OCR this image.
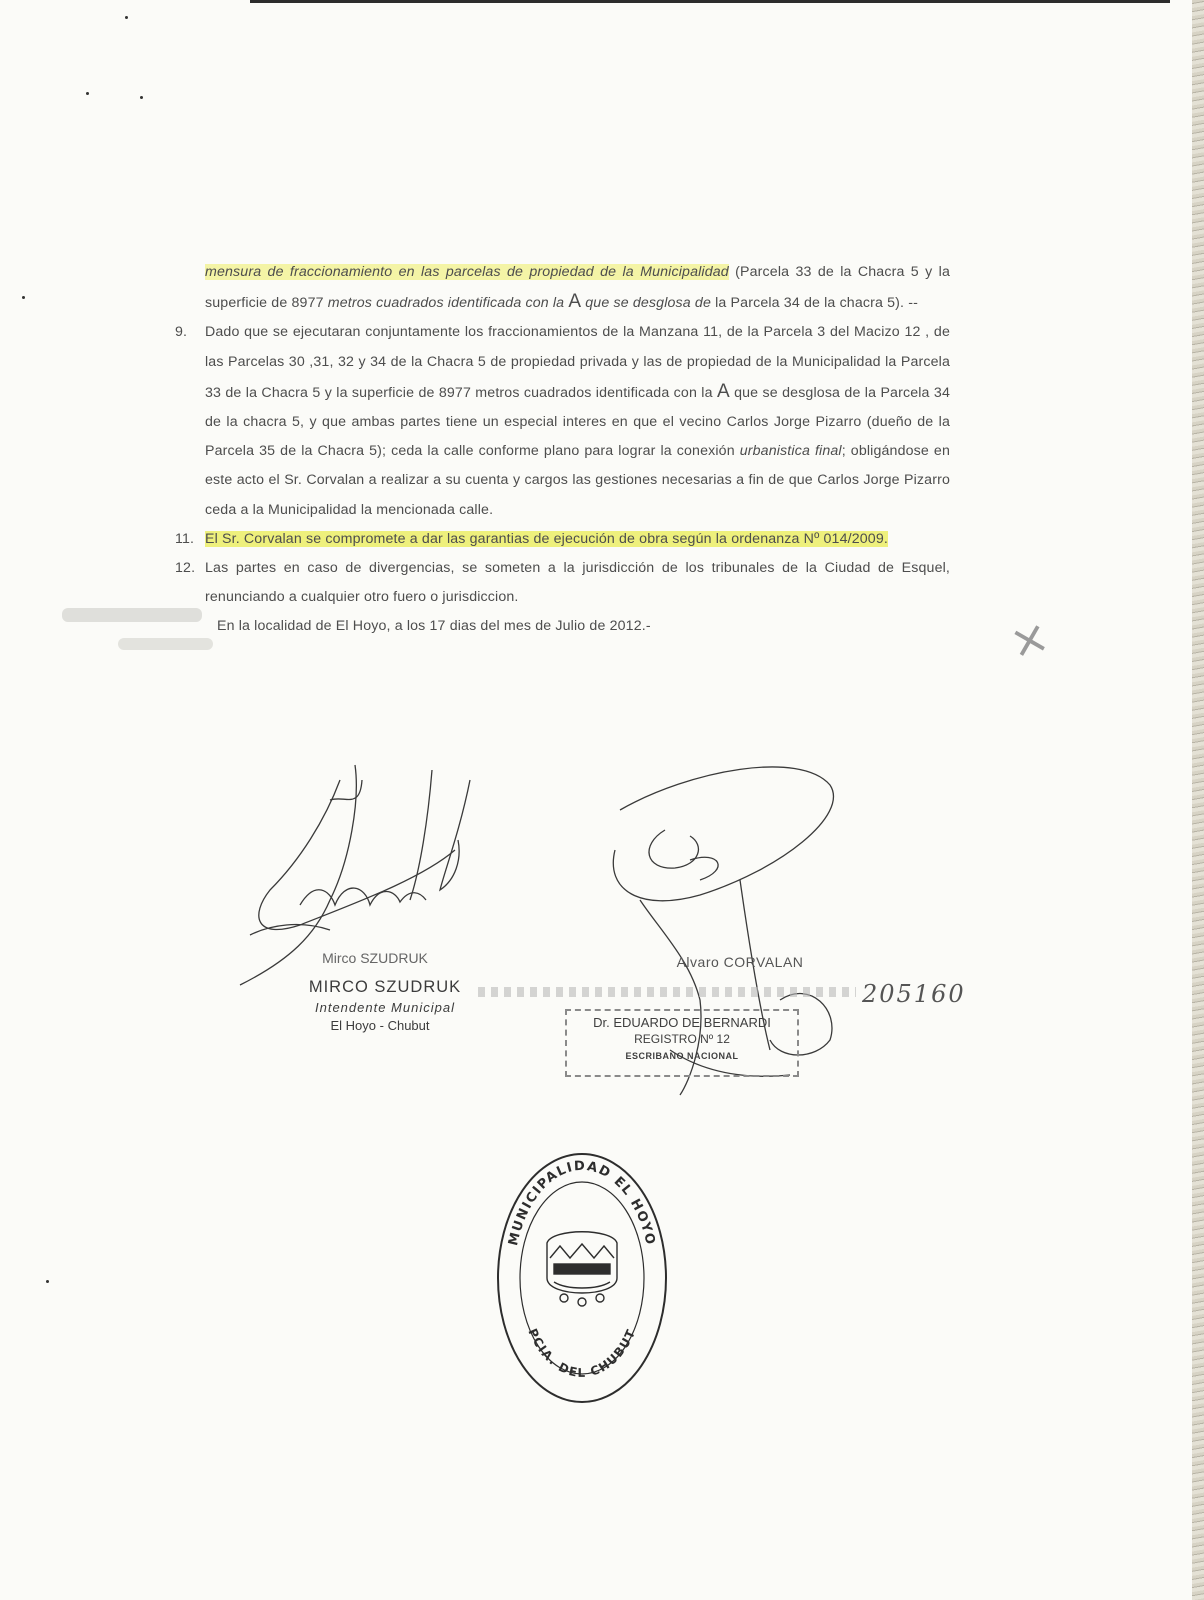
mensura de fraccionamiento en las parcelas de propiedad de la Municipalidad (Parcela 33 de la Chacra 5 y la superficie de 8977 metros cuadrados identificada con la A que se desglosa de la Parcela 34 de la chacra 5). --

9. Dado que se ejecutaran conjuntamente los fraccionamientos de la Manzana 11, de la Parcela 3 del Macizo 12 , de las Parcelas 30 ,31, 32 y 34 de la Chacra 5 de propiedad privada y las de propiedad de la Municipalidad la Parcela 33 de la Chacra 5 y la superficie de 8977 metros cuadrados identificada con la A que se desglosa de la Parcela 34 de la chacra 5, y que ambas partes tiene un especial interes en que el vecino Carlos Jorge Pizarro (dueño de la Parcela 35 de la Chacra 5); ceda la calle conforme plano para lograr la conexión urbanistica final; obligándose en este acto el Sr. Corvalan a realizar a su cuenta y cargos las gestiones necesarias a fin de que Carlos Jorge Pizarro ceda a la Municipalidad la mencionada calle.

11. El Sr. Corvalan se compromete a dar las garantias de ejecución de obra según la ordenanza Nº 014/2009.

12. Las partes en caso de divergencias, se someten a la jurisdicción de los tribunales de la Ciudad de Esquel, renunciando a cualquier otro fuero o jurisdiccion.

En la localidad de El Hoyo, a los 17 dias del mes de Julio de 2012.-	×
Mirco SZUDRUK
MIRCO SZUDRUK
Intendente Municipal
El Hoyo - Chubut
Alvaro CORVALAN
205160
Dr. EDUARDO DE BERNARDI
REGISTRO Nº 12
ESCRIBANO NACIONAL
MUNICIPALIDAD EL HOYO
PCIA. DEL CHUBUT
